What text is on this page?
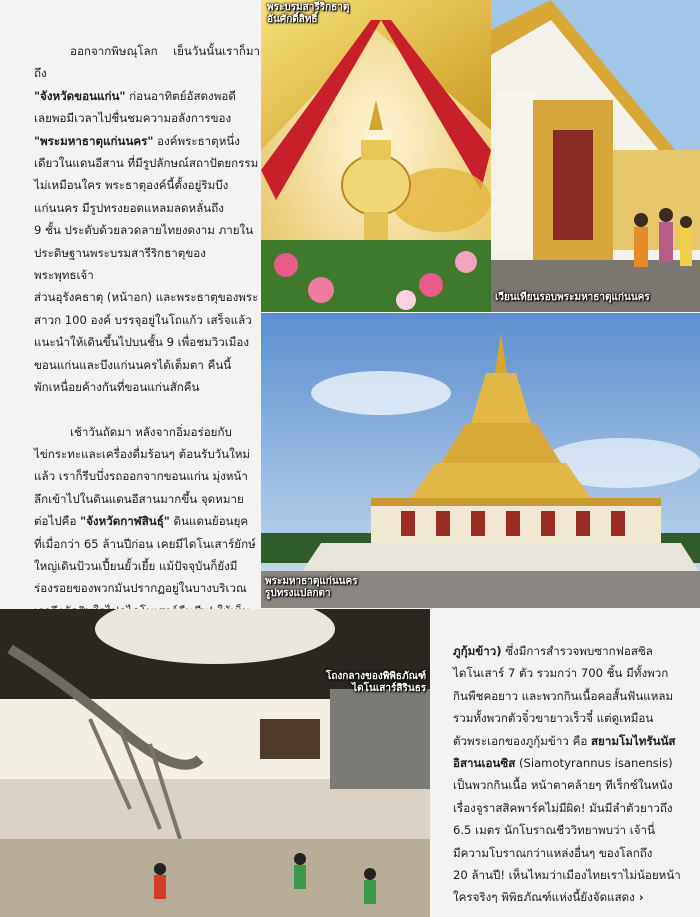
ออกจากพิษณุโลก เย็นวันนั้นเราก็มาถึง

"จังหวัดขอนแก่น" ก่อนอาทิตย์อัสดงพอดี

เลยพอมีเวลาไปชื่นชมความอลังการของ

"พระมหาธาตุแก่นนคร" องค์พระธาตุหนึ่ง

เดียวในแดนอีสาน ที่มีรูปลักษณ์สถาปัตยกรรม

ไม่เหมือนใคร พระธาตุองค์นี้ตั้งอยู่ริมบึง

แก่นนคร มีรูปทรงยอดแหลมลดหลั่นถึง

9 ชั้น ประดับด้วยลวดลายไทยงดงาม ภายใน

ประดิษฐานพระบรมสารีริกธาตุของพระพุทธเจ้า

ส่วนอุรังคธาตุ (หน้าอก) และพระธาตุของพระ

สาวก 100 องค์ บรรจุอยู่ในโถแก้ว เสร็จแล้ว

แนะนำให้เดินขึ้นไปบนชั้น 9 เพื่อชมวิวเมือง

ขอนแก่นและบึงแก่นนครได้เต็มตา คืนนี้

พักเหนื่อยค้างกันที่ขอนแก่นสักคืน

เช้าวันถัดมา หลังจากอิ่มอร่อยกับ

ไข่กระทะและเครื่องดื่มร้อนๆ ต้อนรับวันใหม่

แล้ว เราก็รีบบึ่งรถออกจากขอนแก่น มุ่งหน้า

ลึกเข้าไปในดินแดนอีสานมากขึ้น จุดหมาย

ต่อไปคือ "จังหวัดกาฬสินธุ์" ดินแดนย้อนยุค

ที่เมื่อกว่า 65 ล้านปีก่อน เคยมีไดโนเสาร์ยักษ์

ใหญ่เดินป้วนเปี้ยนยั้วเยี้ย แม้ปัจจุบันก็ยังมี

ร่องรอยของพวกมันปรากฏอยู่ในบางบริเวณ

พระบรมสารีริกธาตุ
อันศักดิ์สิทธิ์
เวียนเทียนรอบพระมหาธาตุแก่นนคร
พระมหาธาตุแก่นนคร
รูปทรงแปลกตา
โถงกลางของพิพิธภัณฑ์
ไดโนเสาร์สิรินธร

ภูกุ้มข้าว) ซึ่งมีการสำรวจพบซากฟอสซิล

ไดโนเสาร์ 7 ตัว รวมกว่า 700 ชิ้น มีทั้งพวก

กินพืชคอยาว และพวกกินเนื้อคอสั้นฟันแหลม

รวมทั้งพวกตัวจิ๋วขายาวเร็วจี๋ แต่ดูเหมือน

ตัวพระเอกของภูกุ้มข้าว คือ สยามโมไทรันนัส

อิสานเอนซิส (Siamotyrannus isanensis)

เป็นพวกกินเนื้อ หน้าตาคล้ายๆ ทีเร็กซ์ในหนัง

เรื่องจูราสสิคพาร์คไม่มีผิด! มันมีลำตัวยาวถึง

6.5 เมตร นักโบราณชีววิทยาพบว่า เจ้านี่

มีความโบราณกว่าแหล่งอื่นๆ ของโลกถึง

20 ล้านปี! เห็นไหมว่าเมืองไทยเราไม่น้อยหน้า

ใครจริงๆ พิพิธภัณฑ์แห่งนี้ยังจัดแสดง ›
